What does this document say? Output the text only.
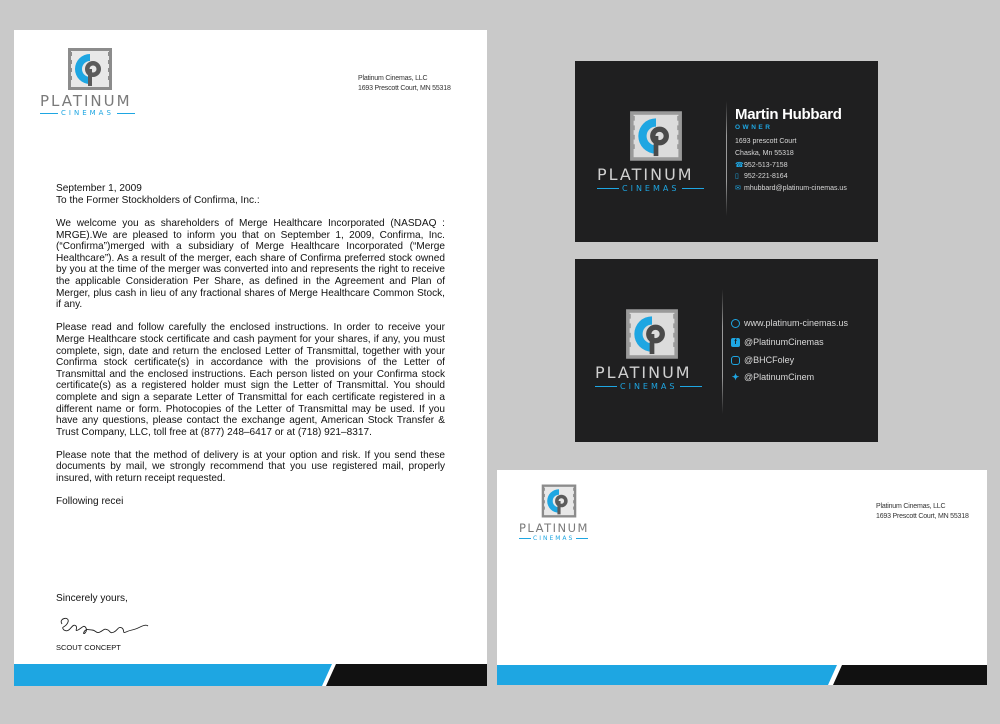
PLATINUM
CINEMAS
Platinum Cinemas, LLC
1693 Prescott Court, MN 55318
September 1, 2009
To the Former Stockholders of Confirma, Inc.:

We welcome you as shareholders of Merge Healthcare Incorporated (NASDAQ : MRGE).We are pleased to inform you that on September 1, 2009, Confirma, Inc. (“Confirma”)merged with a subsidiary of Merge Healthcare Incorporated (“Merge Healthcare”). As a result of the merger, each share of Confirma preferred stock owned by you at the time of the merger was converted into and represents the right to receive the applicable Consideration Per Share, as defined in the Agreement and Plan of Merger, plus cash in lieu of any fractional shares of Merge Healthcare Common Stock, if any.

Please read and follow carefully the enclosed instructions. In order to receive your Merge Healthcare stock certificate and cash payment for your shares, if any, you must complete, sign, date and return the enclosed Letter of Transmittal, together with your Confirma stock certificate(s) in accordance with the provisions of the Letter of Transmittal and the enclosed instructions. Each person listed on your Confirma stock certificate(s) as a registered holder must sign the Letter of Transmittal. You should complete and sign a separate Letter of Transmittal for each certificate registered in a different name or form. Photocopies of the Letter of Transmittal may be used. If you have any questions, please contact the exchange agent, American Stock Transfer & Trust Company, LLC, toll free at (877) 248–6417 or at (718) 921–8317.

Please note that the method of delivery is at your option and risk. If you send these documents by mail, we strongly recommend that you use registered mail, properly insured, with return receipt requested.

Following recei

Sincerely yours,
SCOUT CONCEPT
PLATINUM
CINEMAS
Martin Hubbard
OWNER
1693 prescott Court
Chaska, Mn 55318
☎952-513-7158
▯ 952-221-8164
✉ mhubbard@platinum-cinemas.us
PLATINUM
CINEMAS
www.platinum-cinemas.us
f @PlatinumCinemas
@BHCFoley
✦ @PlatinumCinem
PLATINUM
CINEMAS
Platinum Cinemas, LLC
1693 Prescott Court, MN 55318
